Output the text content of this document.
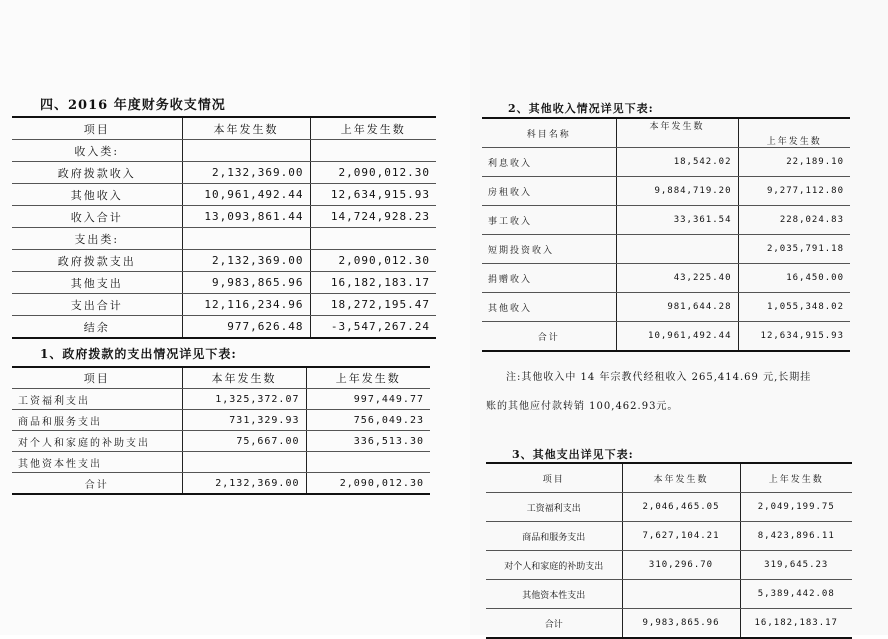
四、2016 年度财务收支情况
项目	本年发生数	上年发生数
收入类:		
政府拨款收入	2,132,369.00	2,090,012.30
其他收入	10,961,492.44	12,634,915.93
收入合计	13,093,861.44	14,724,928.23
支出类:		
政府拨款支出	2,132,369.00	2,090,012.30
其他支出	9,983,865.96	16,182,183.17
支出合计	12,116,234.96	18,272,195.47
结余	977,626.48	-3,547,267.24
1、政府拨款的支出情况详见下表:
项目	本年发生数	上年发生数
工资福利支出	1,325,372.07	997,449.77
商品和服务支出	731,329.93	756,049.23
对个人和家庭的补助支出	75,667.00	336,513.30
其他资本性支出		
合计	2,132,369.00	2,090,012.30
2、其他收入情况详见下表:
科目名称	本年发生数	上年发生数
利息收入	18,542.02	22,189.10
房租收入	9,884,719.20	9,277,112.80
事工收入	33,361.54	228,024.83
短期投资收入		2,035,791.18
捐赠收入	43,225.40	16,450.00
其他收入	981,644.28	1,055,348.02
合计	10,961,492.44	12,634,915.93
注:其他收入中 14 年宗教代经租收入 265,414.69 元,长期挂
账的其他应付款转销 100,462.93元。
3、其他支出详见下表:
项目	本年发生数	上年发生数
工资福利支出	2,046,465.05	2,049,199.75
商品和服务支出	7,627,104.21	8,423,896.11
对个人和家庭的补助支出	310,296.70	319,645.23
其他资本性支出		5,389,442.08
合计	9,983,865.96	16,182,183.17
